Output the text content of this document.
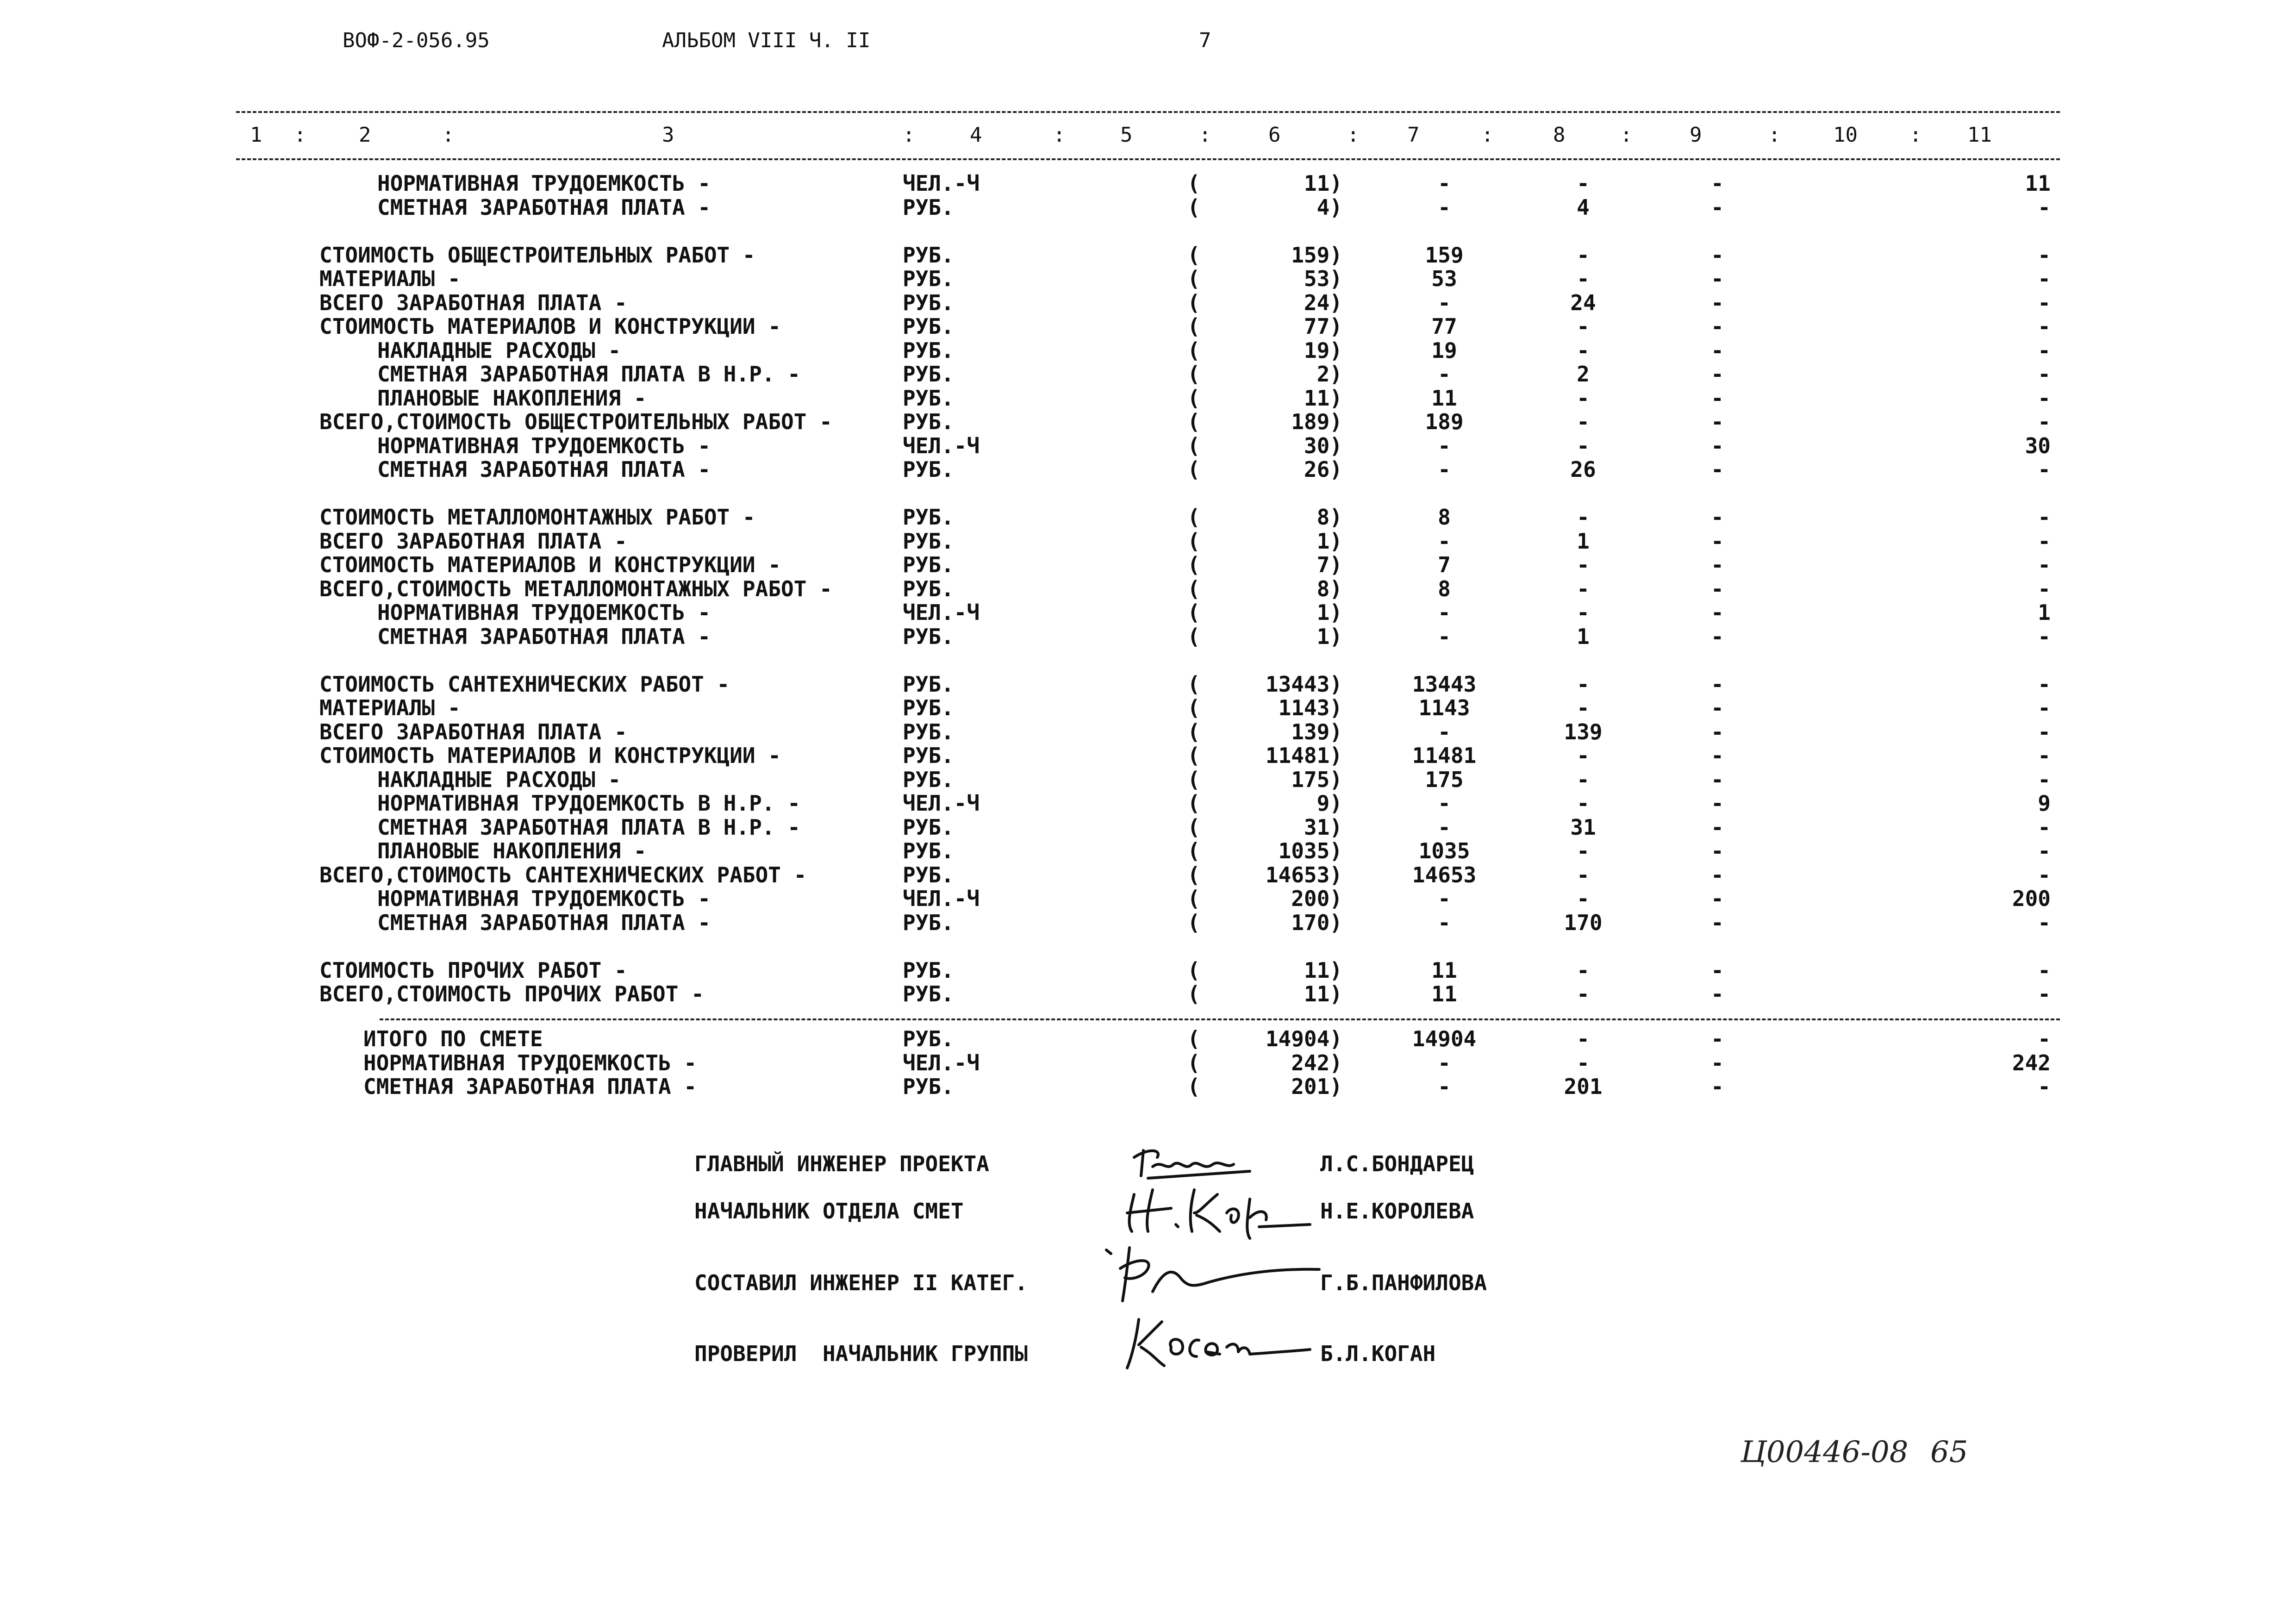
ВОФ-2-056.95	АЛЬБОМ VIII Ч. II	7
1 :	2	:	3	:	4	:	5	:	6	: 7	:	8	:	9	:	10	: 11
НОРМАТИВНАЯ ТРУДОЕМКОСТЬ -	ЧЕЛ.-Ч	(	11)	-	-	-	11
СМЕТНАЯ ЗАРАБОТНАЯ ПЛАТА -	РУБ.	(	4)	-	4	-	-
СТОИМОСТЬ ОБЩЕСТРОИТЕЛЬНЫХ РАБОТ -	РУБ.	(	159)	159	-	-	-
МАТЕРИАЛЫ -	РУБ.	(	53)	53	-	-	-
ВСЕГО ЗАРАБОТНАЯ ПЛАТА -	РУБ.	(	24)	-	24	-	-
СТОИМОСТЬ МАТЕРИАЛОВ И КОНСТРУКЦИИ -	РУБ.	(	77)	77	-	-	-
НАКЛАДНЫЕ РАСХОДЫ -	РУБ.	(	19)	19	-	-	-
СМЕТНАЯ ЗАРАБОТНАЯ ПЛАТА В Н.Р. -	РУБ.	(	2)	-	2	-	-
ПЛАНОВЫЕ НАКОПЛЕНИЯ -	РУБ.	(	11)	11	-	-	-
ВСЕГО,СТОИМОСТЬ ОБЩЕСТРОИТЕЛЬНЫХ РАБОТ -	РУБ.	(	189)	189	-	-	-
НОРМАТИВНАЯ ТРУДОЕМКОСТЬ -	ЧЕЛ.-Ч	(	30)	-	-	-	30
СМЕТНАЯ ЗАРАБОТНАЯ ПЛАТА -	РУБ.	(	26)	-	26	-	-
СТОИМОСТЬ МЕТАЛЛОМОНТАЖНЫХ РАБОТ -	РУБ.	(	8)	8	-	-	-
ВСЕГО ЗАРАБОТНАЯ ПЛАТА -	РУБ.	(	1)	-	1	-	-
СТОИМОСТЬ МАТЕРИАЛОВ И КОНСТРУКЦИИ -	РУБ.	(	7)	7	-	-	-
ВСЕГО,СТОИМОСТЬ МЕТАЛЛОМОНТАЖНЫХ РАБОТ -	РУБ.	(	8)	8	-	-	-
НОРМАТИВНАЯ ТРУДОЕМКОСТЬ -	ЧЕЛ.-Ч	(	1)	-	-	-	1
СМЕТНАЯ ЗАРАБОТНАЯ ПЛАТА -	РУБ.	(	1)	-	1	-	-
СТОИМОСТЬ САНТЕХНИЧЕСКИХ РАБОТ -	РУБ.	(	13443)	13443	-	-	-
МАТЕРИАЛЫ -	РУБ.	(	1143)	1143	-	-	-
ВСЕГО ЗАРАБОТНАЯ ПЛАТА -	РУБ.	(	139)	-	139	-	-
СТОИМОСТЬ МАТЕРИАЛОВ И КОНСТРУКЦИИ -	РУБ.	(	11481)	11481	-	-	-
НАКЛАДНЫЕ РАСХОДЫ -	РУБ.	(	175)	175	-	-	-
НОРМАТИВНАЯ ТРУДОЕМКОСТЬ В Н.Р. -	ЧЕЛ.-Ч	(	9)	-	-	-	9
СМЕТНАЯ ЗАРАБОТНАЯ ПЛАТА В Н.Р. -	РУБ.	(	31)	-	31	-	-
ПЛАНОВЫЕ НАКОПЛЕНИЯ -	РУБ.	(	1035)	1035	-	-	-
ВСЕГО,СТОИМОСТЬ САНТЕХНИЧЕСКИХ РАБОТ -	РУБ.	(	14653)	14653	-	-	-
НОРМАТИВНАЯ ТРУДОЕМКОСТЬ -	ЧЕЛ.-Ч	(	200)	-	-	-	200
СМЕТНАЯ ЗАРАБОТНАЯ ПЛАТА -	РУБ.	(	170)	-	170	-	-
СТОИМОСТЬ ПРОЧИХ РАБОТ -	РУБ.	(	11)	11	-	-	-
ВСЕГО,СТОИМОСТЬ ПРОЧИХ РАБОТ -	РУБ.	(	11)	11	-	-	-
ИТОГО ПО СМЕТЕ	РУБ.	(	14904)	14904	-	-	-
НОРМАТИВНАЯ ТРУДОЕМКОСТЬ -	ЧЕЛ.-Ч	(	242)	-	-	-	242
СМЕТНАЯ ЗАРАБОТНАЯ ПЛАТА -	РУБ.	(	201)	-	201	-	-
ГЛАВНЫЙ ИНЖЕНЕР ПРОЕКТА	Л.С.БОНДАРЕЦ
НАЧАЛЬНИК ОТДЕЛА СМЕТ	Н.Е.КОРОЛЕВА
СОСТАВИЛ ИНЖЕНЕР II КАТЕГ.	Г.Б.ПАНФИЛОВА
ПРОВЕРИЛ  НАЧАЛЬНИК ГРУППЫ	Б.Л.КОГАН
Ц00446-08 65
